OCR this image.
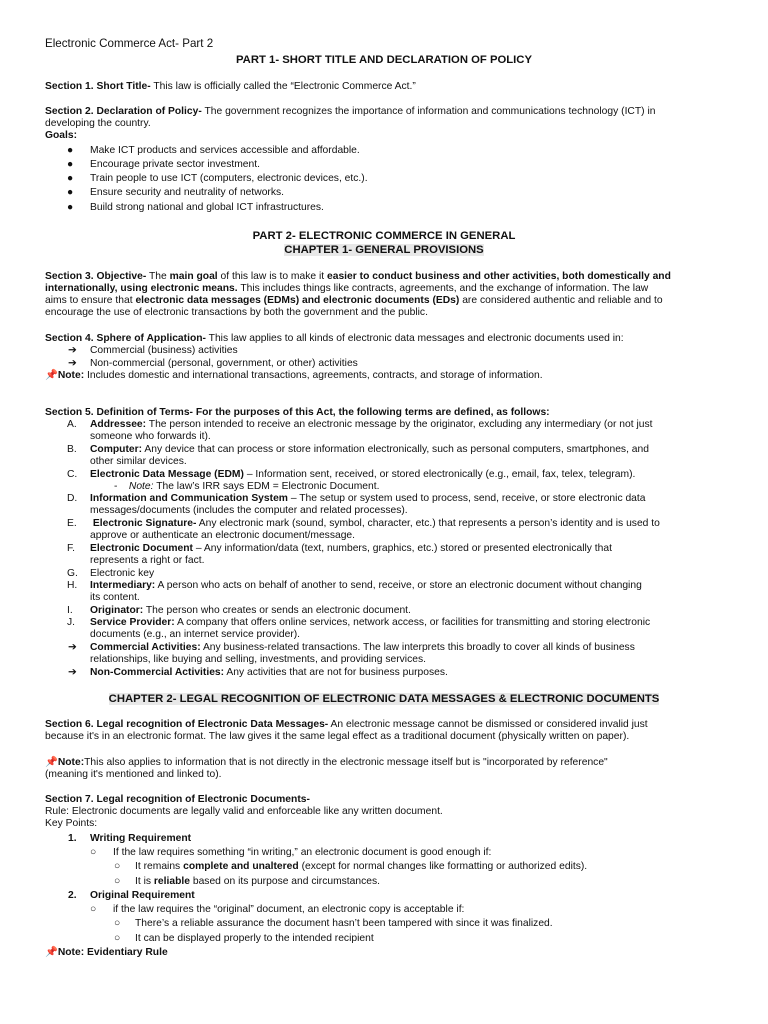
Electronic Commerce Act- Part 2
PART 1- SHORT TITLE AND DECLARATION OF POLICY
Section 1. Short Title- This law is officially called the “Electronic Commerce Act.”
Section 2. Declaration of Policy- The government recognizes the importance of information and communications technology (ICT) in
developing the country.
Goals:
● Make ICT products and services accessible and affordable.
● Encourage private sector investment.
● Train people to use ICT (computers, electronic devices, etc.).
● Ensure security and neutrality of networks.
● Build strong national and global ICT infrastructures.
PART 2- ELECTRONIC COMMERCE IN GENERAL
CHAPTER 1- GENERAL PROVISIONS
Section 3. Objective- The main goal of this law is to make it easier to conduct business and other activities, both domestically and
internationally, using electronic means. This includes things like contracts, agreements, and the exchange of information. The law
aims to ensure that electronic data messages (EDMs) and electronic documents (EDs) are considered authentic and reliable and to
encourage the use of electronic transactions by both the government and the public.
Section 4. Sphere of Application- This law applies to all kinds of electronic data messages and electronic documents used in:
➔ Commercial (business) activities
➔ Non-commercial (personal, government, or other) activities
📌Note: Includes domestic and international transactions, agreements, contracts, and storage of information.
Section 5. Definition of Terms- For the purposes of this Act, the following terms are defined, as follows:
A. Addressee: The person intended to receive an electronic message by the originator, excluding any intermediary (or not just
someone who forwards it).
B. Computer: Any device that can process or store information electronically, such as personal computers, smartphones, and
other similar devices.
C. Electronic Data Message (EDM) – Information sent, received, or stored electronically (e.g., email, fax, telex, telegram).
- Note: The law’s IRR says EDM = Electronic Document.
D. Information and Communication System – The setup or system used to process, send, receive, or store electronic data
messages/documents (includes the computer and related processes).
E. Electronic Signature- Any electronic mark (sound, symbol, character, etc.) that represents a person’s identity and is used to
approve or authenticate an electronic document/message.
F. Electronic Document – Any information/data (text, numbers, graphics, etc.) stored or presented electronically that
represents a right or fact.
G. Electronic key
H. Intermediary: A person who acts on behalf of another to send, receive, or store an electronic document without changing
its content.
I. Originator: The person who creates or sends an electronic document.
J. Service Provider: A company that offers online services, network access, or facilities for transmitting and storing electronic
documents (e.g., an internet service provider).
➔ Commercial Activities: Any business-related transactions. The law interprets this broadly to cover all kinds of business
relationships, like buying and selling, investments, and providing services.
➔ Non-Commercial Activities: Any activities that are not for business purposes.
CHAPTER 2- LEGAL RECOGNITION OF ELECTRONIC DATA MESSAGES & ELECTRONIC DOCUMENTS
Section 6. Legal recognition of Electronic Data Messages- An electronic message cannot be dismissed or considered invalid just
because it's in an electronic format. The law gives it the same legal effect as a traditional document (physically written on paper).
📌Note:This also applies to information that is not directly in the electronic message itself but is "incorporated by reference"
(meaning it's mentioned and linked to).
Section 7. Legal recognition of Electronic Documents-
Rule: Electronic documents are legally valid and enforceable like any written document.
Key Points:
1. Writing Requirement
○ If the law requires something “in writing,” an electronic document is good enough if:
○ It remains complete and unaltered (except for normal changes like formatting or authorized edits).
○ It is reliable based on its purpose and circumstances.
2. Original Requirement
○ if the law requires the “original” document, an electronic copy is acceptable if:
○ There’s a reliable assurance the document hasn’t been tampered with since it was finalized.
○ It can be displayed properly to the intended recipient
📌Note: Evidentiary Rule
